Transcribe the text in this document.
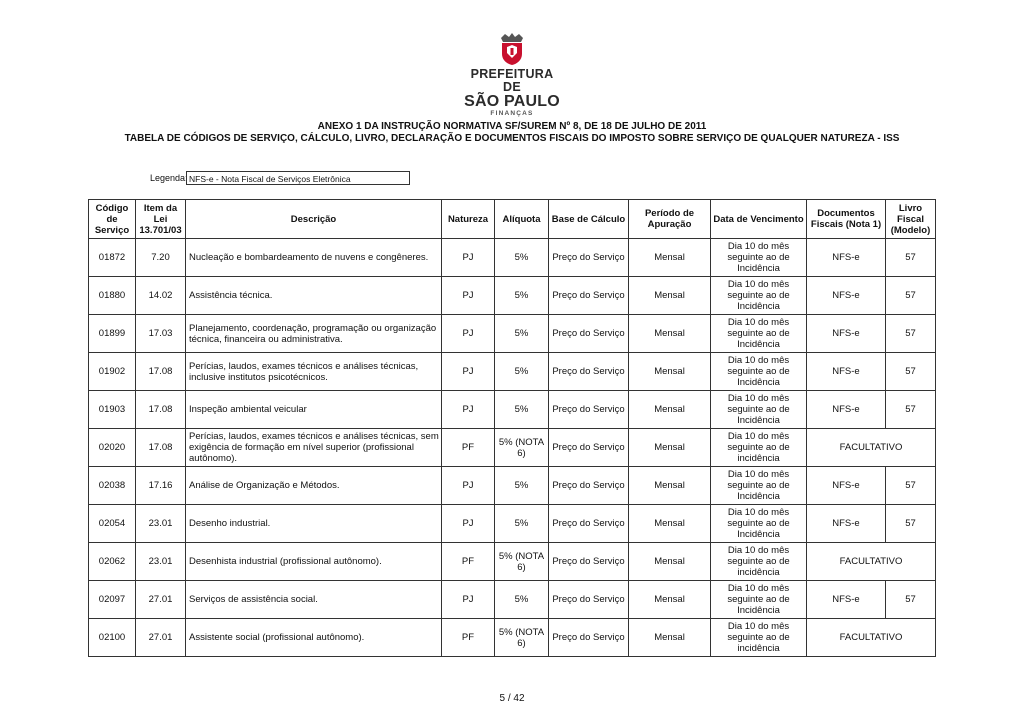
PREFEITURA DE
SÃO PAULO
FINANÇAS
ANEXO 1 DA INSTRUÇÃO NORMATIVA SF/SUREM Nº 8, DE 18 DE JULHO DE 2011
TABELA DE CÓDIGOS DE SERVIÇO, CÁLCULO, LIVRO, DECLARAÇÃO E DOCUMENTOS FISCAIS DO IMPOSTO SOBRE SERVIÇO DE QUALQUER NATUREZA - ISS
Legenda: NFS-e - Nota Fiscal de Serviços Eletrônica
Código de Serviço	Item da Lei 13.701/03	Descrição	Natureza	Alíquota	Base de Cálculo	Período de Apuração	Data de Vencimento	Documentos Fiscais (Nota 1)	Livro Fiscal (Modelo)
01872	7.20	Nucleação e bombardeamento de nuvens e congêneres.	PJ	5%	Preço do Serviço	Mensal	Dia 10 do mês seguinte ao de Incidência	NFS-e	57
01880	14.02	Assistência técnica.	PJ	5%	Preço do Serviço	Mensal	Dia 10 do mês seguinte ao de Incidência	NFS-e	57
01899	17.03	Planejamento, coordenação, programação ou organização técnica, financeira ou administrativa.	PJ	5%	Preço do Serviço	Mensal	Dia 10 do mês seguinte ao de Incidência	NFS-e	57
01902	17.08	Perícias, laudos, exames técnicos e análises técnicas, inclusive institutos psicotécnicos.	PJ	5%	Preço do Serviço	Mensal	Dia 10 do mês seguinte ao de Incidência	NFS-e	57
01903	17.08	Inspeção ambiental veicular	PJ	5%	Preço do Serviço	Mensal	Dia 10 do mês seguinte ao de Incidência	NFS-e	57
02020	17.08	Perícias, laudos, exames técnicos e análises técnicas, sem exigência de formação em nível superior (profissional autônomo).	PF	5% (NOTA 6)	Preço do Serviço	Mensal	Dia 10 do mês seguinte ao de incidência	FACULTATIVO	
02038	17.16	Análise de Organização e Métodos.	PJ	5%	Preço do Serviço	Mensal	Dia 10 do mês seguinte ao de Incidência	NFS-e	57
02054	23.01	Desenho industrial.	PJ	5%	Preço do Serviço	Mensal	Dia 10 do mês seguinte ao de Incidência	NFS-e	57
02062	23.01	Desenhista industrial (profissional autônomo).	PF	5% (NOTA 6)	Preço do Serviço	Mensal	Dia 10 do mês seguinte ao de incidência	FACULTATIVO	
02097	27.01	Serviços de assistência social.	PJ	5%	Preço do Serviço	Mensal	Dia 10 do mês seguinte ao de Incidência	NFS-e	57
02100	27.01	Assistente social (profissional autônomo).	PF	5% (NOTA 6)	Preço do Serviço	Mensal	Dia 10 do mês seguinte ao de incidência	FACULTATIVO	
5 / 42
